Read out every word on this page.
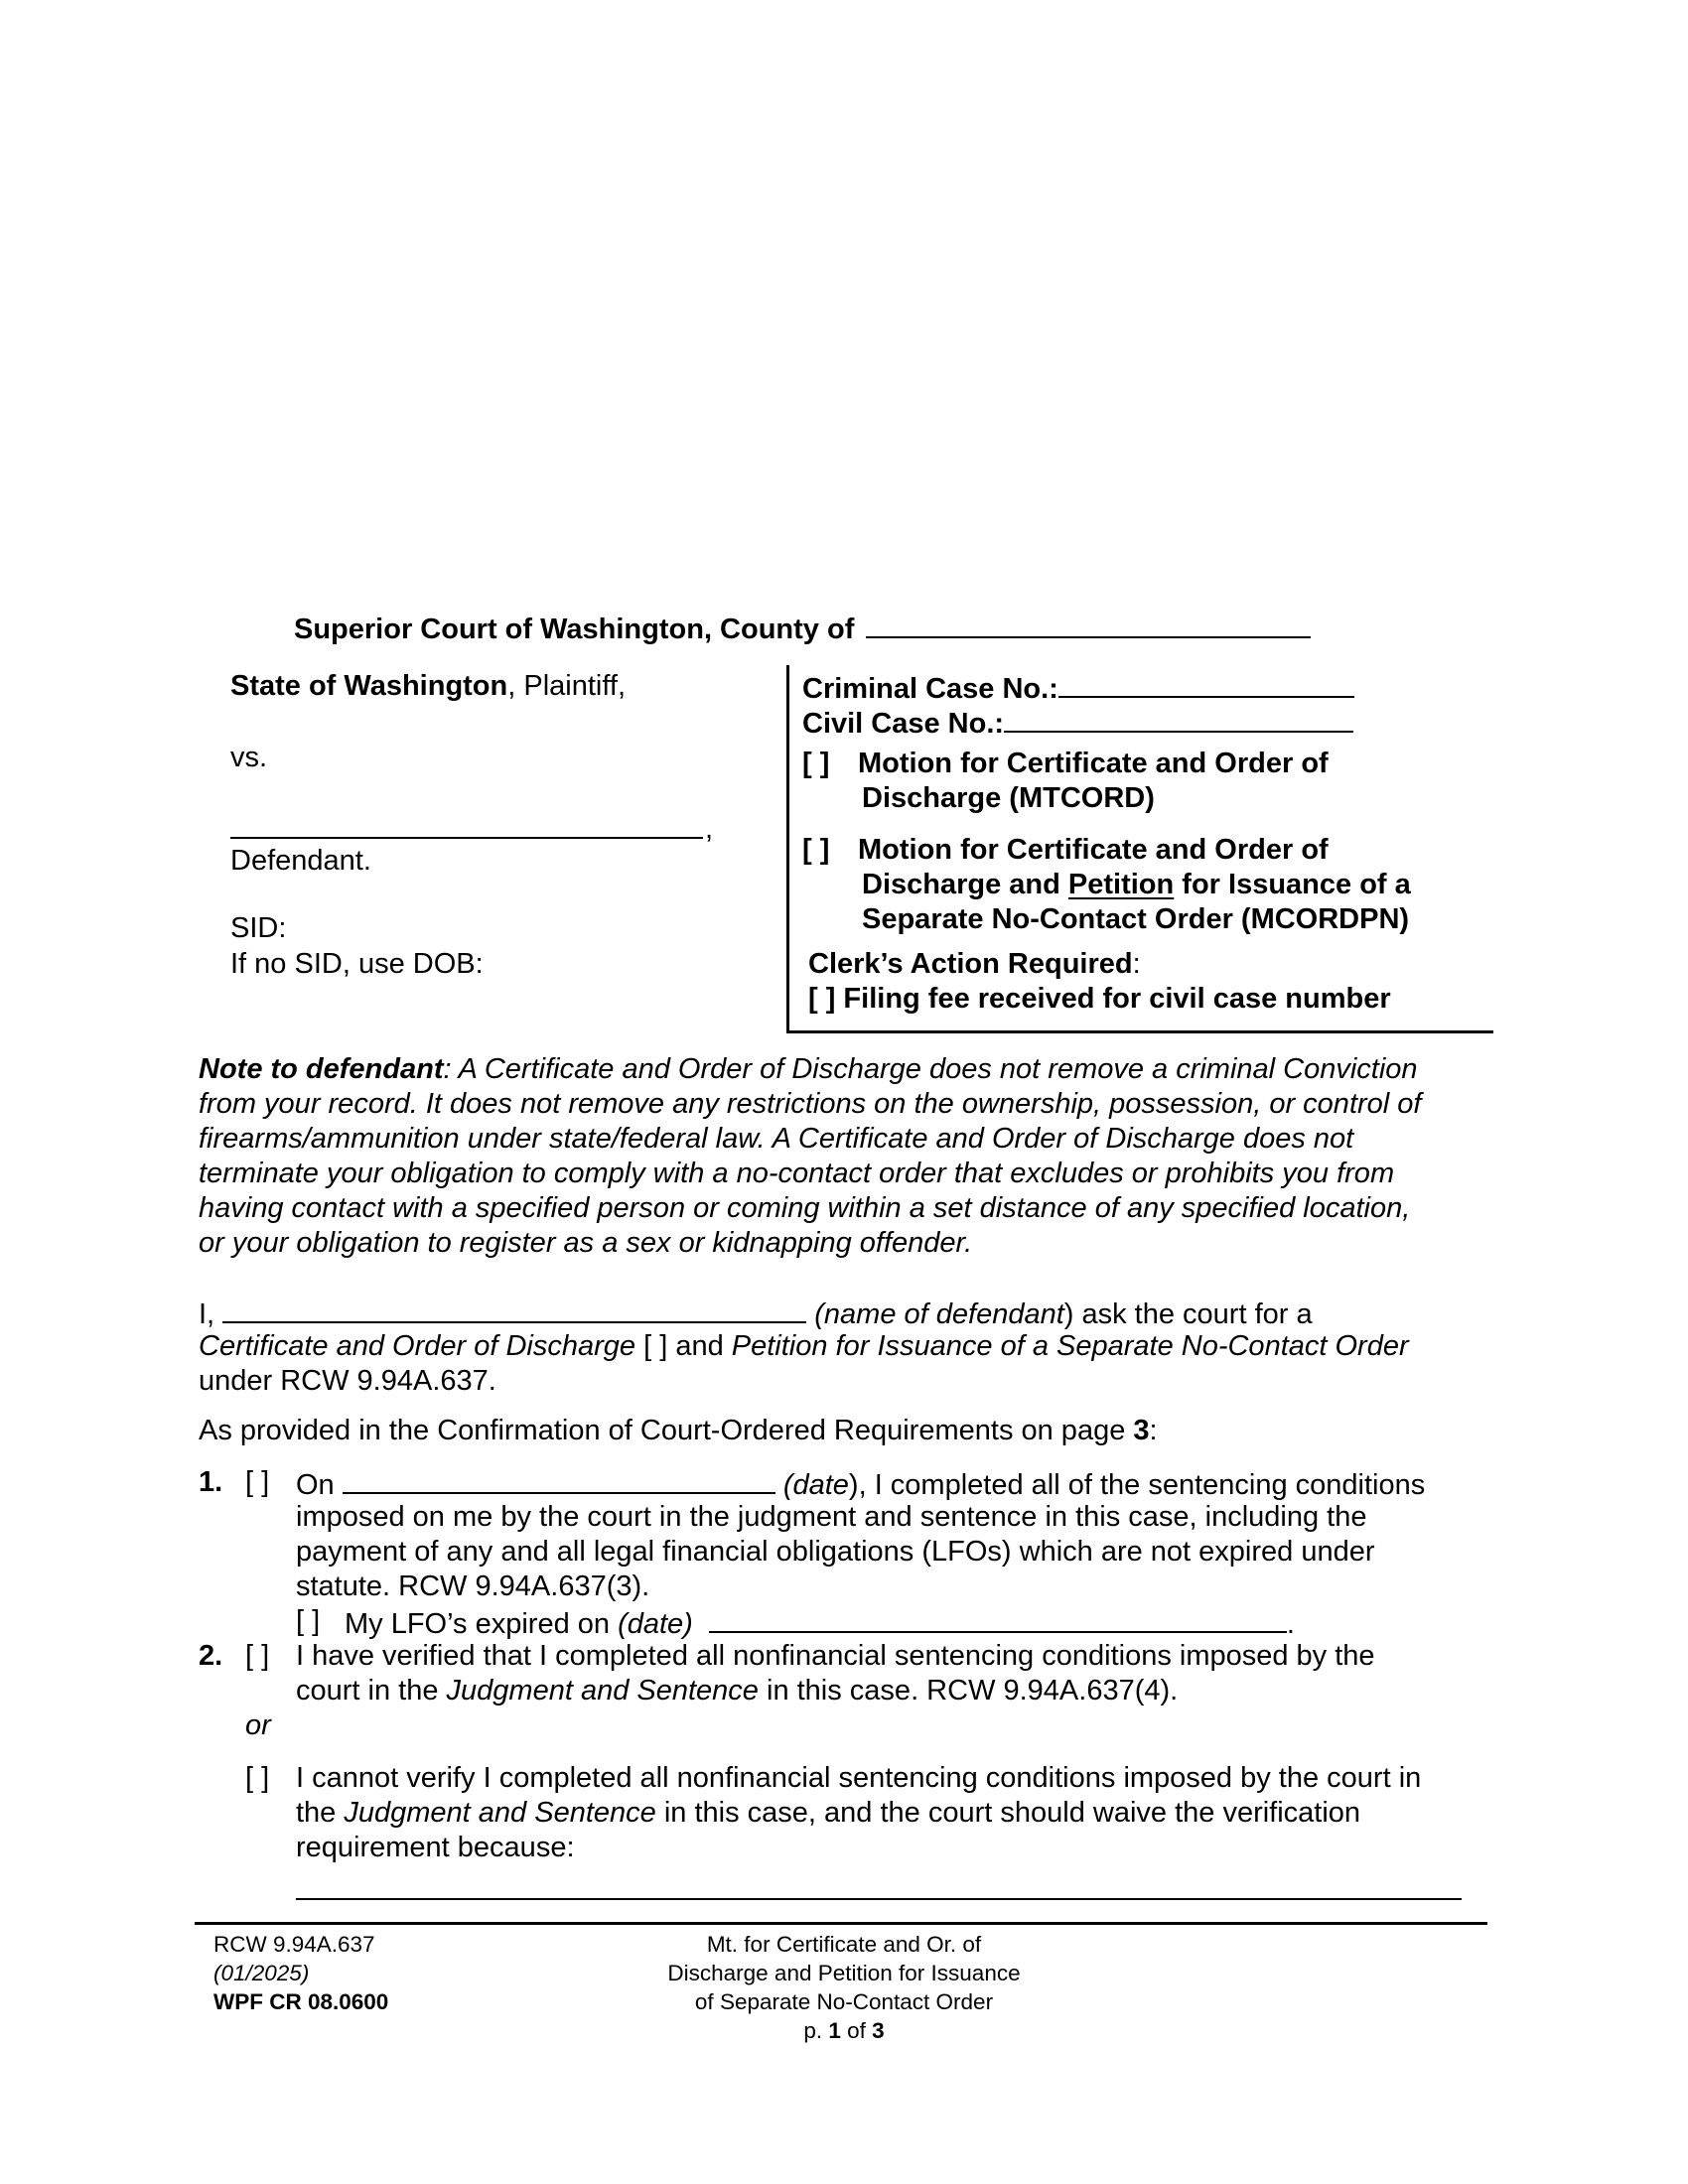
Superior Court of Washington, County of
State of Washington, Plaintiff,
vs.
,
Defendant.
SID:
If no SID, use DOB:
Criminal Case No.:
Civil Case No.:
[ ] Motion for Certificate and Order of
Discharge (MTCORD)
[ ] Motion for Certificate and Order of
Discharge and Petition for Issuance of a
Separate No-Contact Order (MCORDPN)
Clerk’s Action Required:
[ ] Filing fee received for civil case number
Note to defendant: A Certificate and Order of Discharge does not remove a criminal Conviction
from your record. It does not remove any restrictions on the ownership, possession, or control of
firearms/ammunition under state/federal law. A Certificate and Order of Discharge does not
terminate your obligation to comply with a no-contact order that excludes or prohibits you from
having contact with a specified person or coming within a set distance of any specified location,
or your obligation to register as a sex or kidnapping offender.
I,	(name of defendant) ask the court for a
Certificate and Order of Discharge [ ] and Petition for Issuance of a Separate No-Contact Order
under RCW 9.94A.637.
As provided in the Confirmation of Court-Ordered Requirements on page 3:
1. [ ] On	(date), I completed all of the sentencing conditions
imposed on me by the court in the judgment and sentence in this case, including the
payment of any and all legal financial obligations (LFOs) which are not expired under
statute. RCW 9.94A.637(3).
[ ] My LFO’s expired on (date)	.
2. [ ] I have verified that I completed all nonfinancial sentencing conditions imposed by the
court in the Judgment and Sentence in this case. RCW 9.94A.637(4).
or
[ ] I cannot verify I completed all nonfinancial sentencing conditions imposed by the court in
the Judgment and Sentence in this case, and the court should waive the verification
requirement because:
RCW 9.94A.637
(01/2025)
WPF CR 08.0600
Mt. for Certificate and Or. of
Discharge and Petition for Issuance
of Separate No-Contact Order
p. 1 of 3
